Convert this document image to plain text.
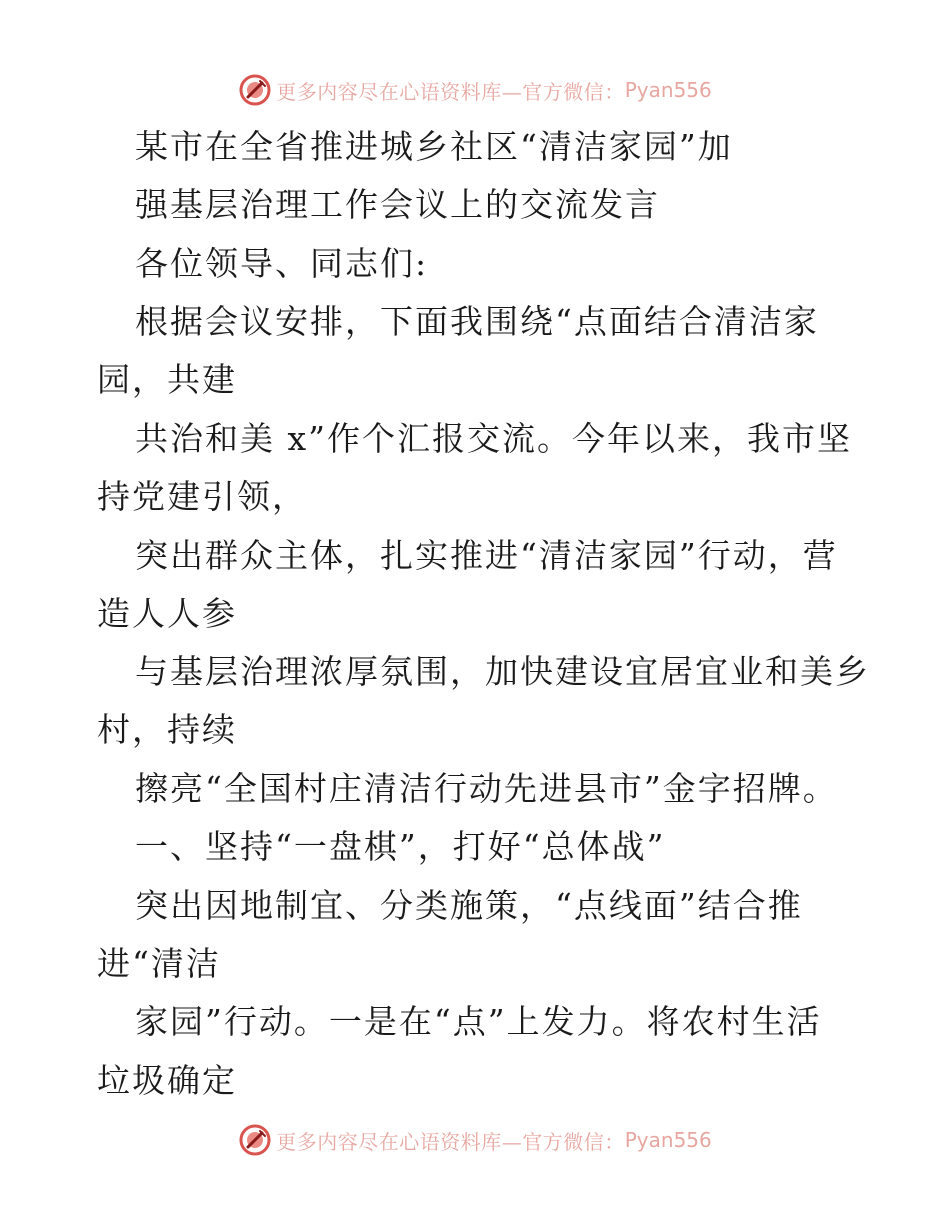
更多内容尽在心语资料库—官方微信： Pyan556
某市在全省推进城乡社区“清洁家园”加
强基层治理工作会议上的交流发言
各位领导、同志们:
根据会议安排，下面我围绕“点面结合清洁家
园，共建
共治和美 x”作个汇报交流。今年以来，我市坚
持党建引领，
突出群众主体，扎实推进“清洁家园”行动，营
造人人参
与基层治理浓厚氛围，加快建设宜居宜业和美乡
村，持续
擦亮“全国村庄清洁行动先进县市”金字招牌。
一、坚持“一盘棋”，打好“总体战”
突出因地制宜、分类施策，“点线面”结合推
进“清洁
家园”行动。一是在“点”上发力。将农村生活
垃圾确定
更多内容尽在心语资料库—官方微信： Pyan556
